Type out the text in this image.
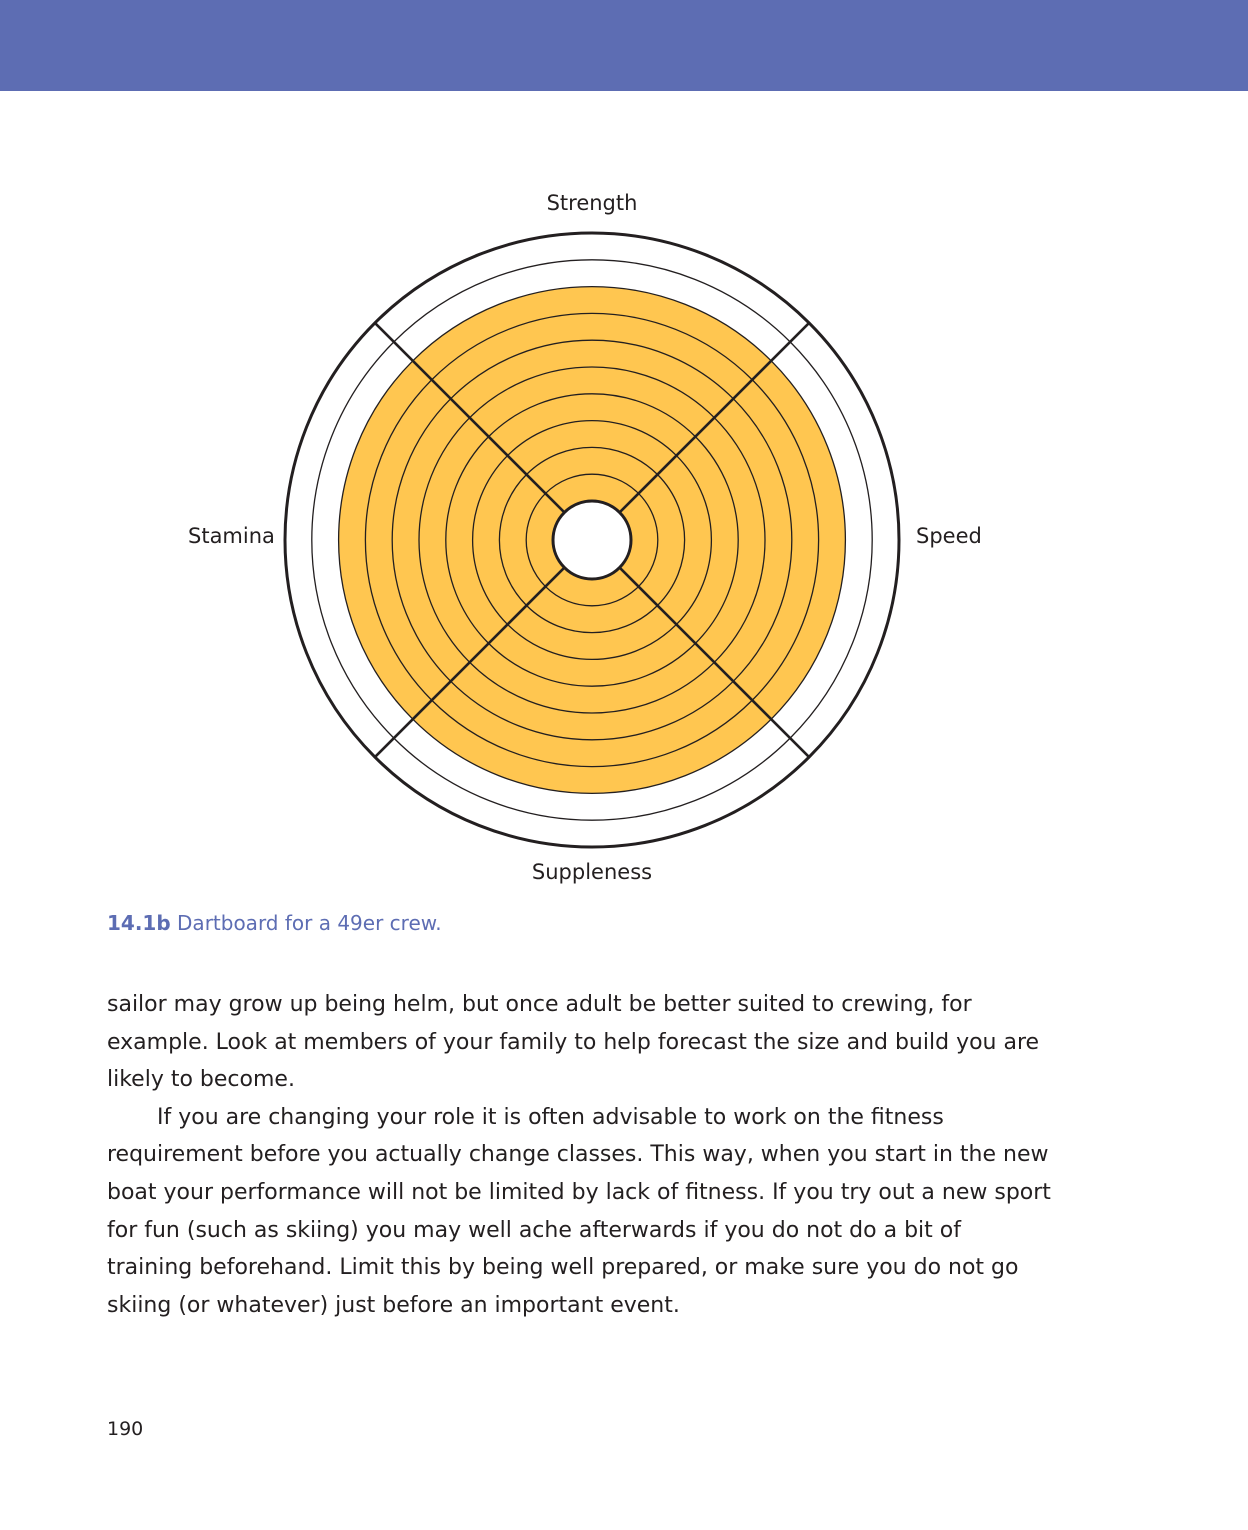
Strength
Speed
Suppleness
Stamina
14.1b Dartboard for a 49er crew.

sailor may grow up being helm, but once adult be better suited to crewing, for example. Look at members of your family to help forecast the size and build you are likely to become.

If you are changing your role it is often advisable to work on the fitness requirement before you actually change classes. This way, when you start in the new boat your performance will not be limited by lack of fitness. If you try out a new sport for fun (such as skiing) you may well ache afterwards if you do not do a bit of training beforehand. Limit this by being well prepared, or make sure you do not go skiing (or whatever) just before an important event.

190
